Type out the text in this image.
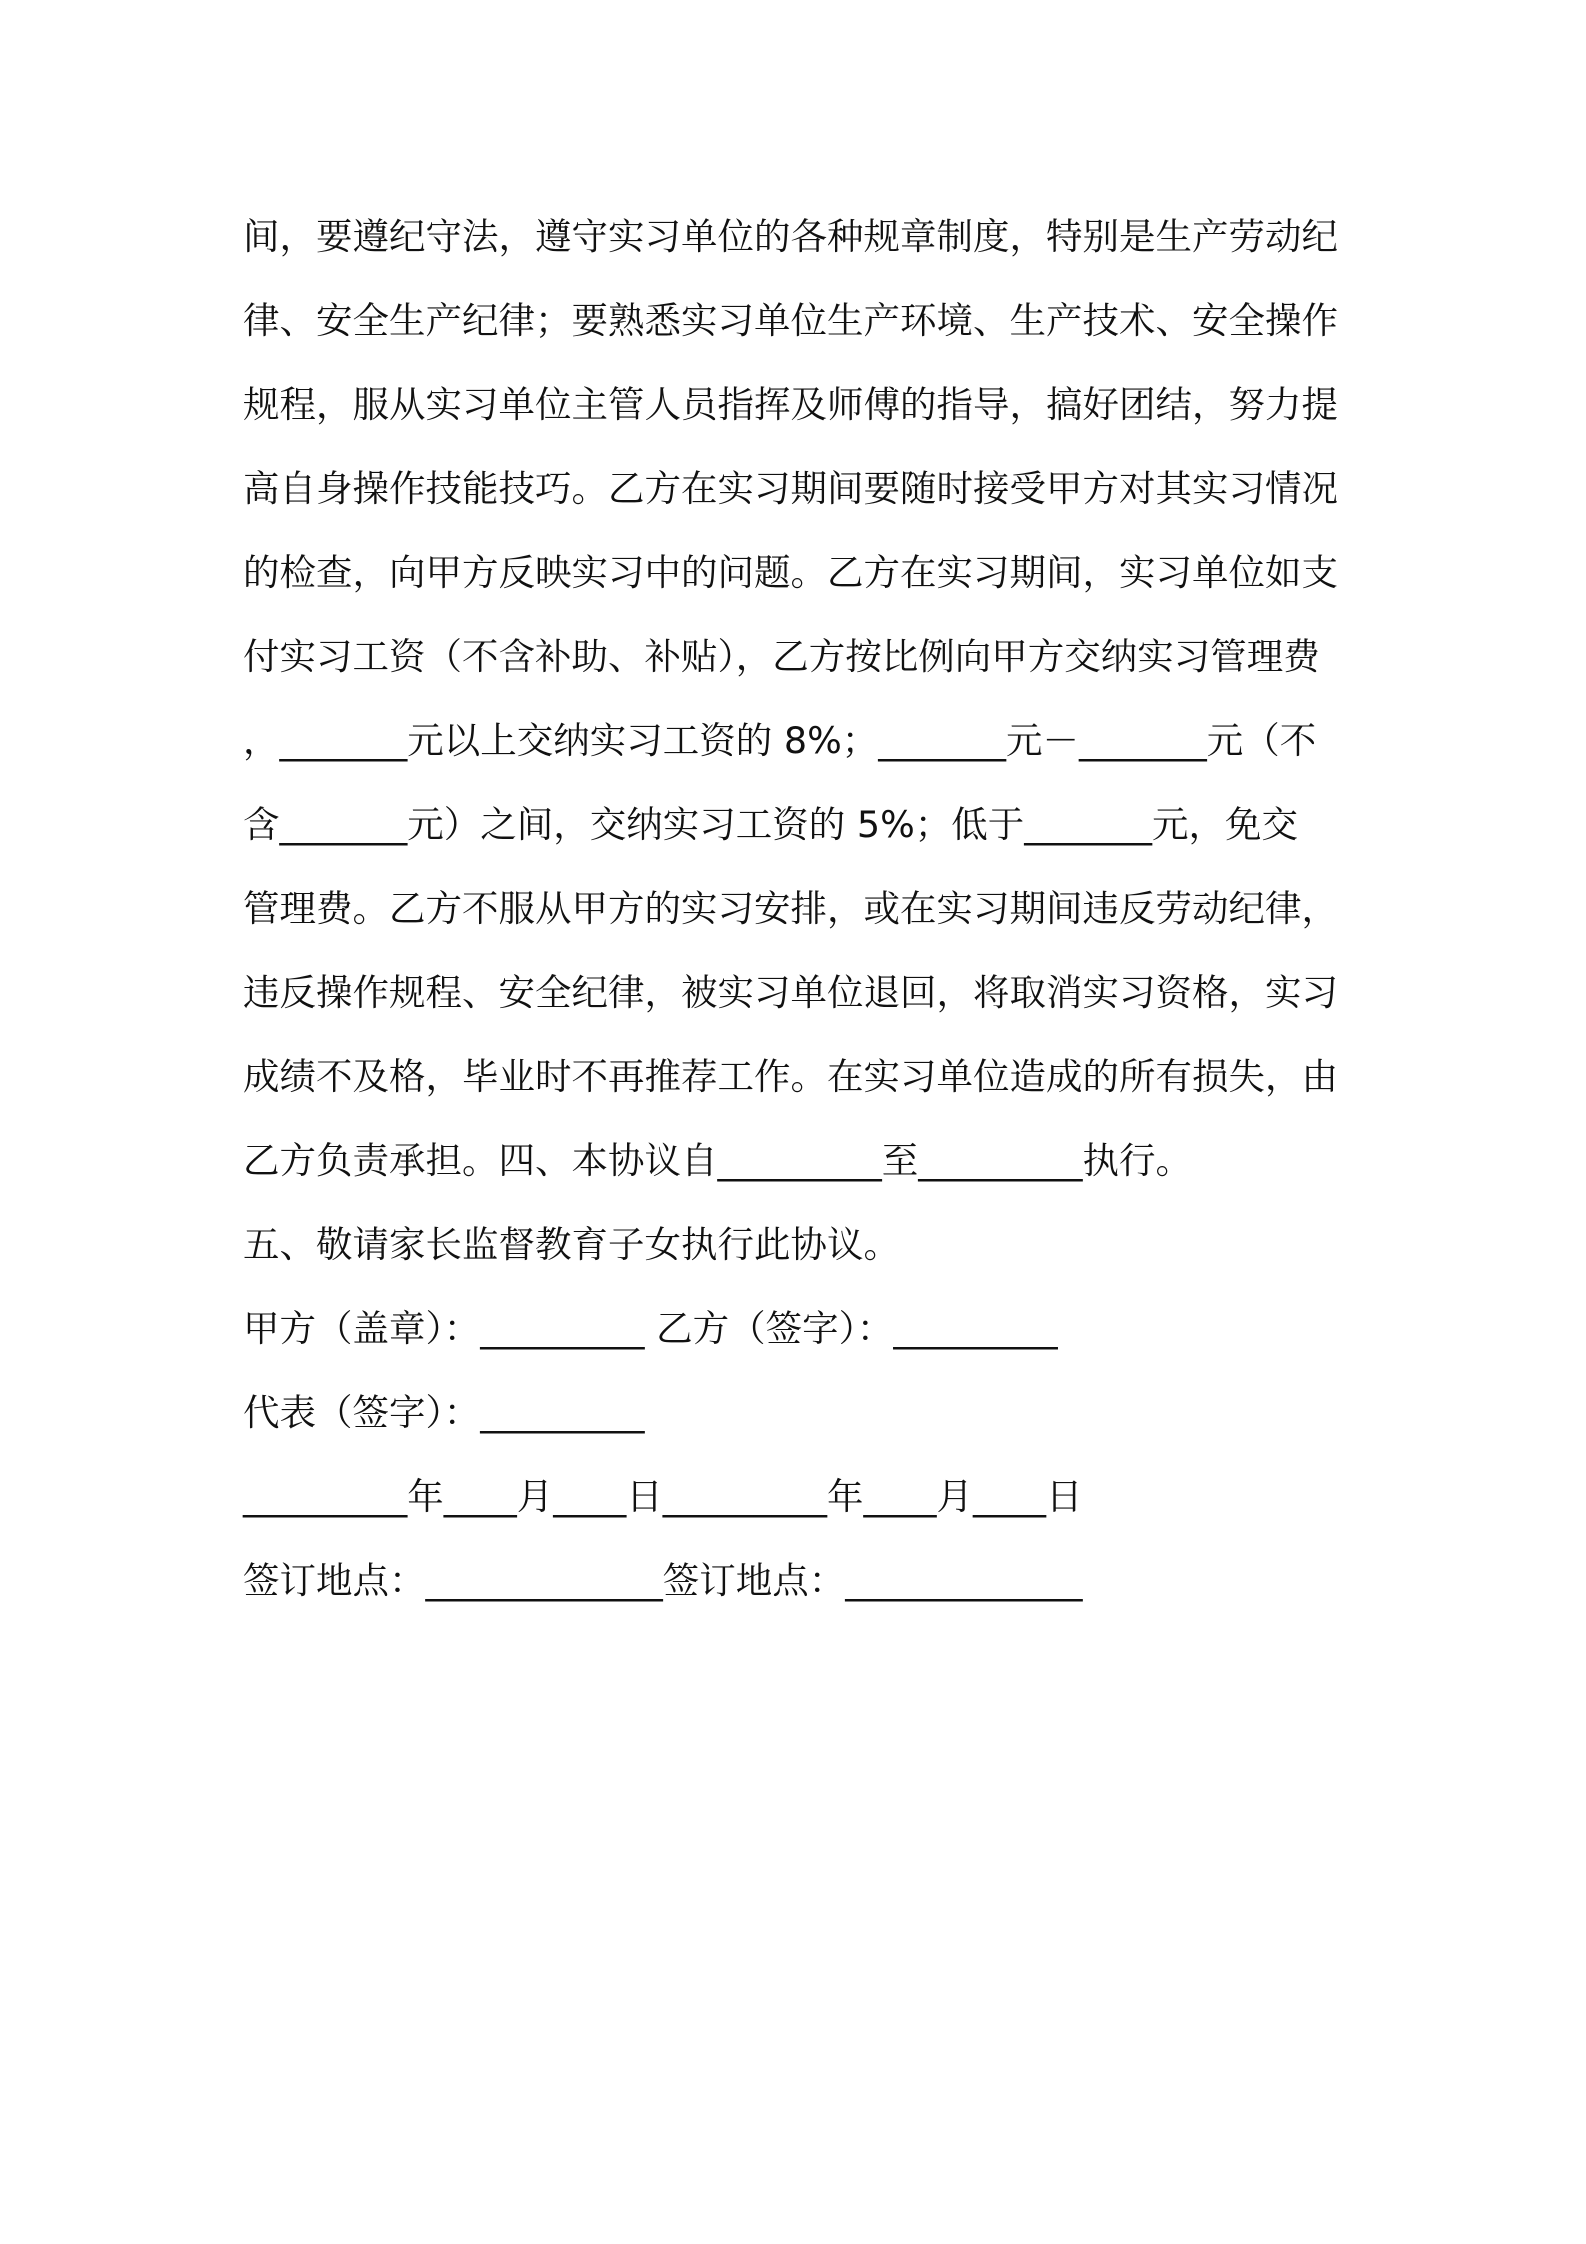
间，要遵纪守法，遵守实习单位的各种规章制度，特别是生产劳动纪
律、安全生产纪律；要熟悉实习单位生产环境、生产技术、安全操作
规程，服从实习单位主管人员指挥及师傅的指导，搞好团结，努力提
高自身操作技能技巧。乙方在实习期间要随时接受甲方对其实习情况
的检查，向甲方反映实习中的问题。乙方在实习期间，实习单位如支
付实习工资（不含补助、补贴），乙方按比例向甲方交纳实习管理费
，_______元以上交纳实习工资的 8%；_______元－_______元（不
含_______元）之间，交纳实习工资的 5%；低于_______元，免交
管理费。乙方不服从甲方的实习安排，或在实习期间违反劳动纪律，
违反操作规程、安全纪律，被实习单位退回，将取消实习资格，实习
成绩不及格，毕业时不再推荐工作。在实习单位造成的所有损失，由
乙方负责承担。四、本协议自_________至_________执行。
五、敬请家长监督教育子女执行此协议。
甲方（盖章）：_________ 乙方（签字）：_________
代表（签字）：_________
_________年____月____日_________年____月____日
签订地点：_____________签订地点：_____________
